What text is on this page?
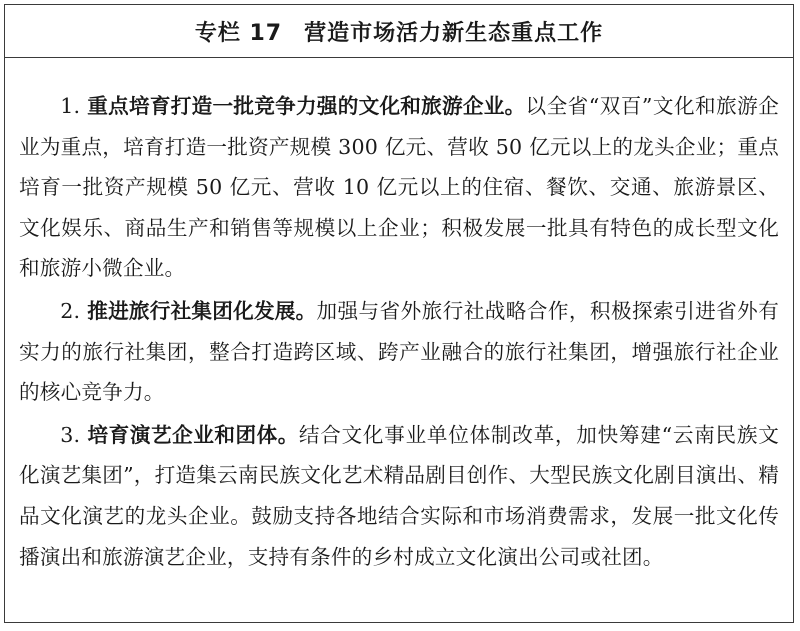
专栏 17 营造市场活力新生态重点工作

1. 重点培育打造一批竞争力强的文化和旅游企业。以全省“双百”文化和旅游企业为重点，培育打造一批资产规模 300 亿元、营收 50 亿元以上的龙头企业；重点培育一批资产规模 50 亿元、营收 10 亿元以上的住宿、餐饮、交通、旅游景区、文化娱乐、商品生产和销售等规模以上企业；积极发展一批具有特色的成长型文化和旅游小微企业。

2. 推进旅行社集团化发展。加强与省外旅行社战略合作，积极探索引进省外有实力的旅行社集团，整合打造跨区域、跨产业融合的旅行社集团，增强旅行社企业的核心竞争力。

3. 培育演艺企业和团体。结合文化事业单位体制改革，加快筹建“云南民族文化演艺集团”，打造集云南民族文化艺术精品剧目创作、大型民族文化剧目演出、精品文化演艺的龙头企业。鼓励支持各地结合实际和市场消费需求，发展一批文化传播演出和旅游演艺企业，支持有条件的乡村成立文化演出公司或社团。
